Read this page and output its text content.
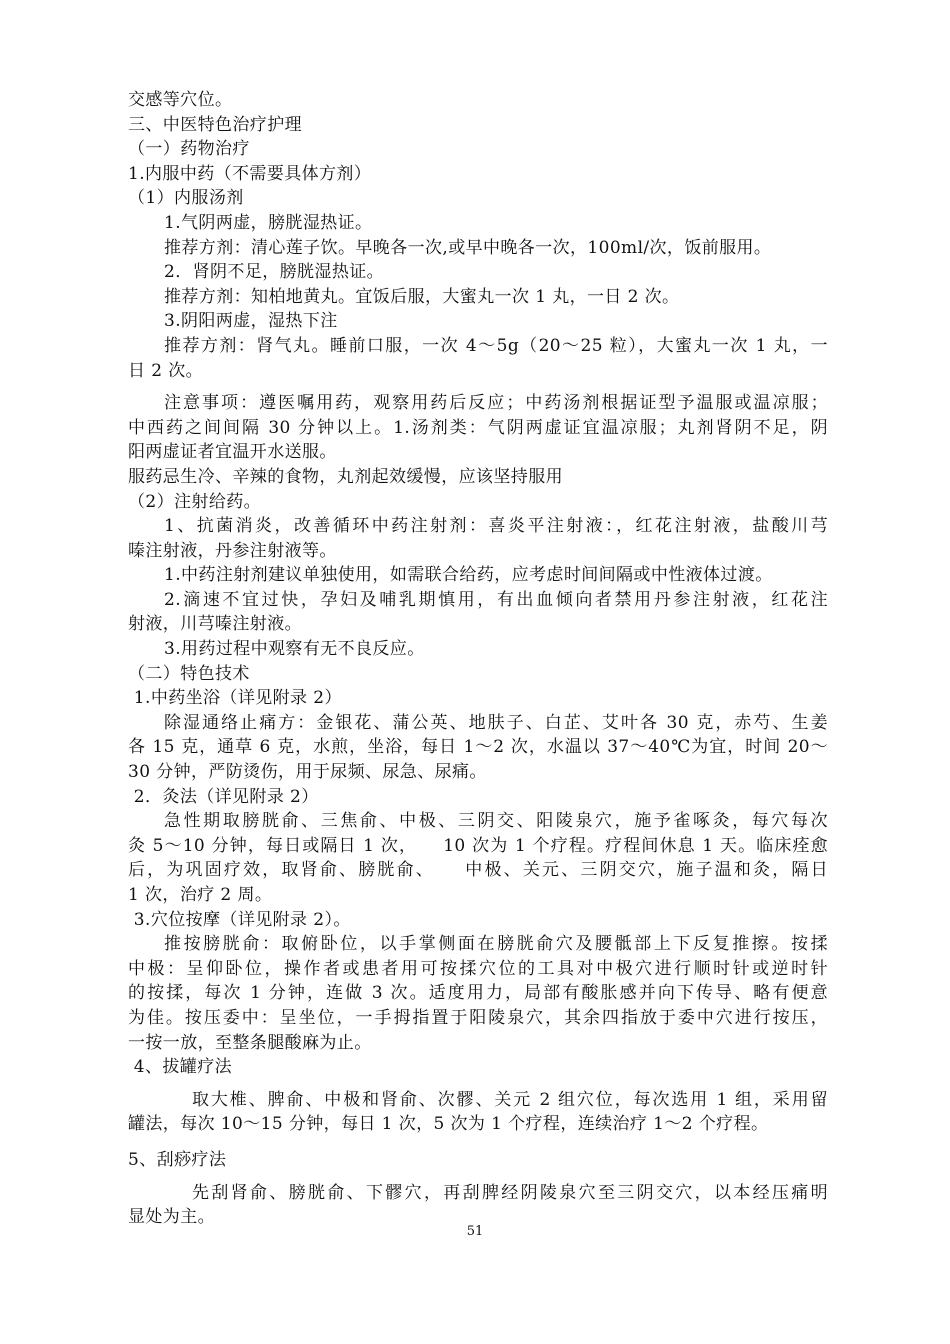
交感等穴位。
三、中医特色治疗护理
（一）药物治疗
1.内服中药（不需要具体方剂）
（1）内服汤剂
1.气阴两虚，膀胱湿热证。
推荐方剂：清心莲子饮。早晚各一次,或早中晚各一次，100ml/次，饭前服用。
2．肾阴不足，膀胱湿热证。
推荐方剂：知柏地黄丸。宜饭后服，大蜜丸一次 1 丸，一日 2 次。
3.阴阳两虚，湿热下注
推荐方剂：肾气丸。睡前口服，一次 4～5g（20～25 粒），大蜜丸一次 1 丸，一
日 2 次。
注意事项：遵医嘱用药，观察用药后反应；中药汤剂根据证型予温服或温凉服；
中西药之间间隔 30 分钟以上。1.汤剂类：气阴两虚证宜温凉服；丸剂肾阴不足，阴
阳两虚证者宜温开水送服。
服药忌生冷、辛辣的食物，丸剂起效缓慢，应该坚持服用
（2）注射给药。
1、抗菌消炎，改善循环中药注射剂：喜炎平注射液：，红花注射液，盐酸川芎
嗪注射液，丹参注射液等。
1.中药注射剂建议单独使用，如需联合给药，应考虑时间间隔或中性液体过渡。
2.滴速不宜过快，孕妇及哺乳期慎用，有出血倾向者禁用丹参注射液，红花注
射液，川芎嗪注射液。
3.用药过程中观察有无不良反应。
（二）特色技术
1.中药坐浴（详见附录 2）
除湿通络止痛方：金银花、蒲公英、地肤子、白芷、艾叶各 30 克，赤芍、生姜
各 15 克，通草 6 克，水煎，坐浴，每日 1～2 次，水温以 37～40℃为宜，时间 20～
30 分钟，严防烫伤，用于尿频、尿急、尿痛。
2．灸法（详见附录 2）
急性期取膀胱俞、三焦俞、中极、三阴交、阳陵泉穴，施予雀啄灸，每穴每次
灸 5～10 分钟，每日或隔日 1 次，    10 次为 1 个疗程。疗程间休息 1 天。临床痊愈
后，为巩固疗效，取肾俞、膀胱俞、    中极、关元、三阴交穴，施子温和灸，隔日
1 次，治疗 2 周。
3.穴位按摩（详见附录 2）。
推按膀胱俞：取俯卧位，以手掌侧面在膀胱俞穴及腰骶部上下反复推擦。按揉
中极：呈仰卧位，操作者或患者用可按揉穴位的工具对中极穴进行顺时针或逆时针
的按揉，每次 1 分钟，连做 3 次。适度用力，局部有酸胀感并向下传导、略有便意
为佳。按压委中：呈坐位，一手拇指置于阳陵泉穴，其余四指放于委中穴进行按压，
一按一放，至整条腿酸麻为止。
4、拔罐疗法
取大椎、脾俞、中极和肾俞、次髎、关元 2 组穴位，每次选用 1 组，采用留
罐法，每次 10～15 分钟，每日 1 次，5 次为 1 个疗程，连续治疗 1～2 个疗程。
5、刮痧疗法
先刮肾俞、膀胱俞、下髎穴，再刮脾经阴陵泉穴至三阴交穴，以本经压痛明
显处为主。
51
